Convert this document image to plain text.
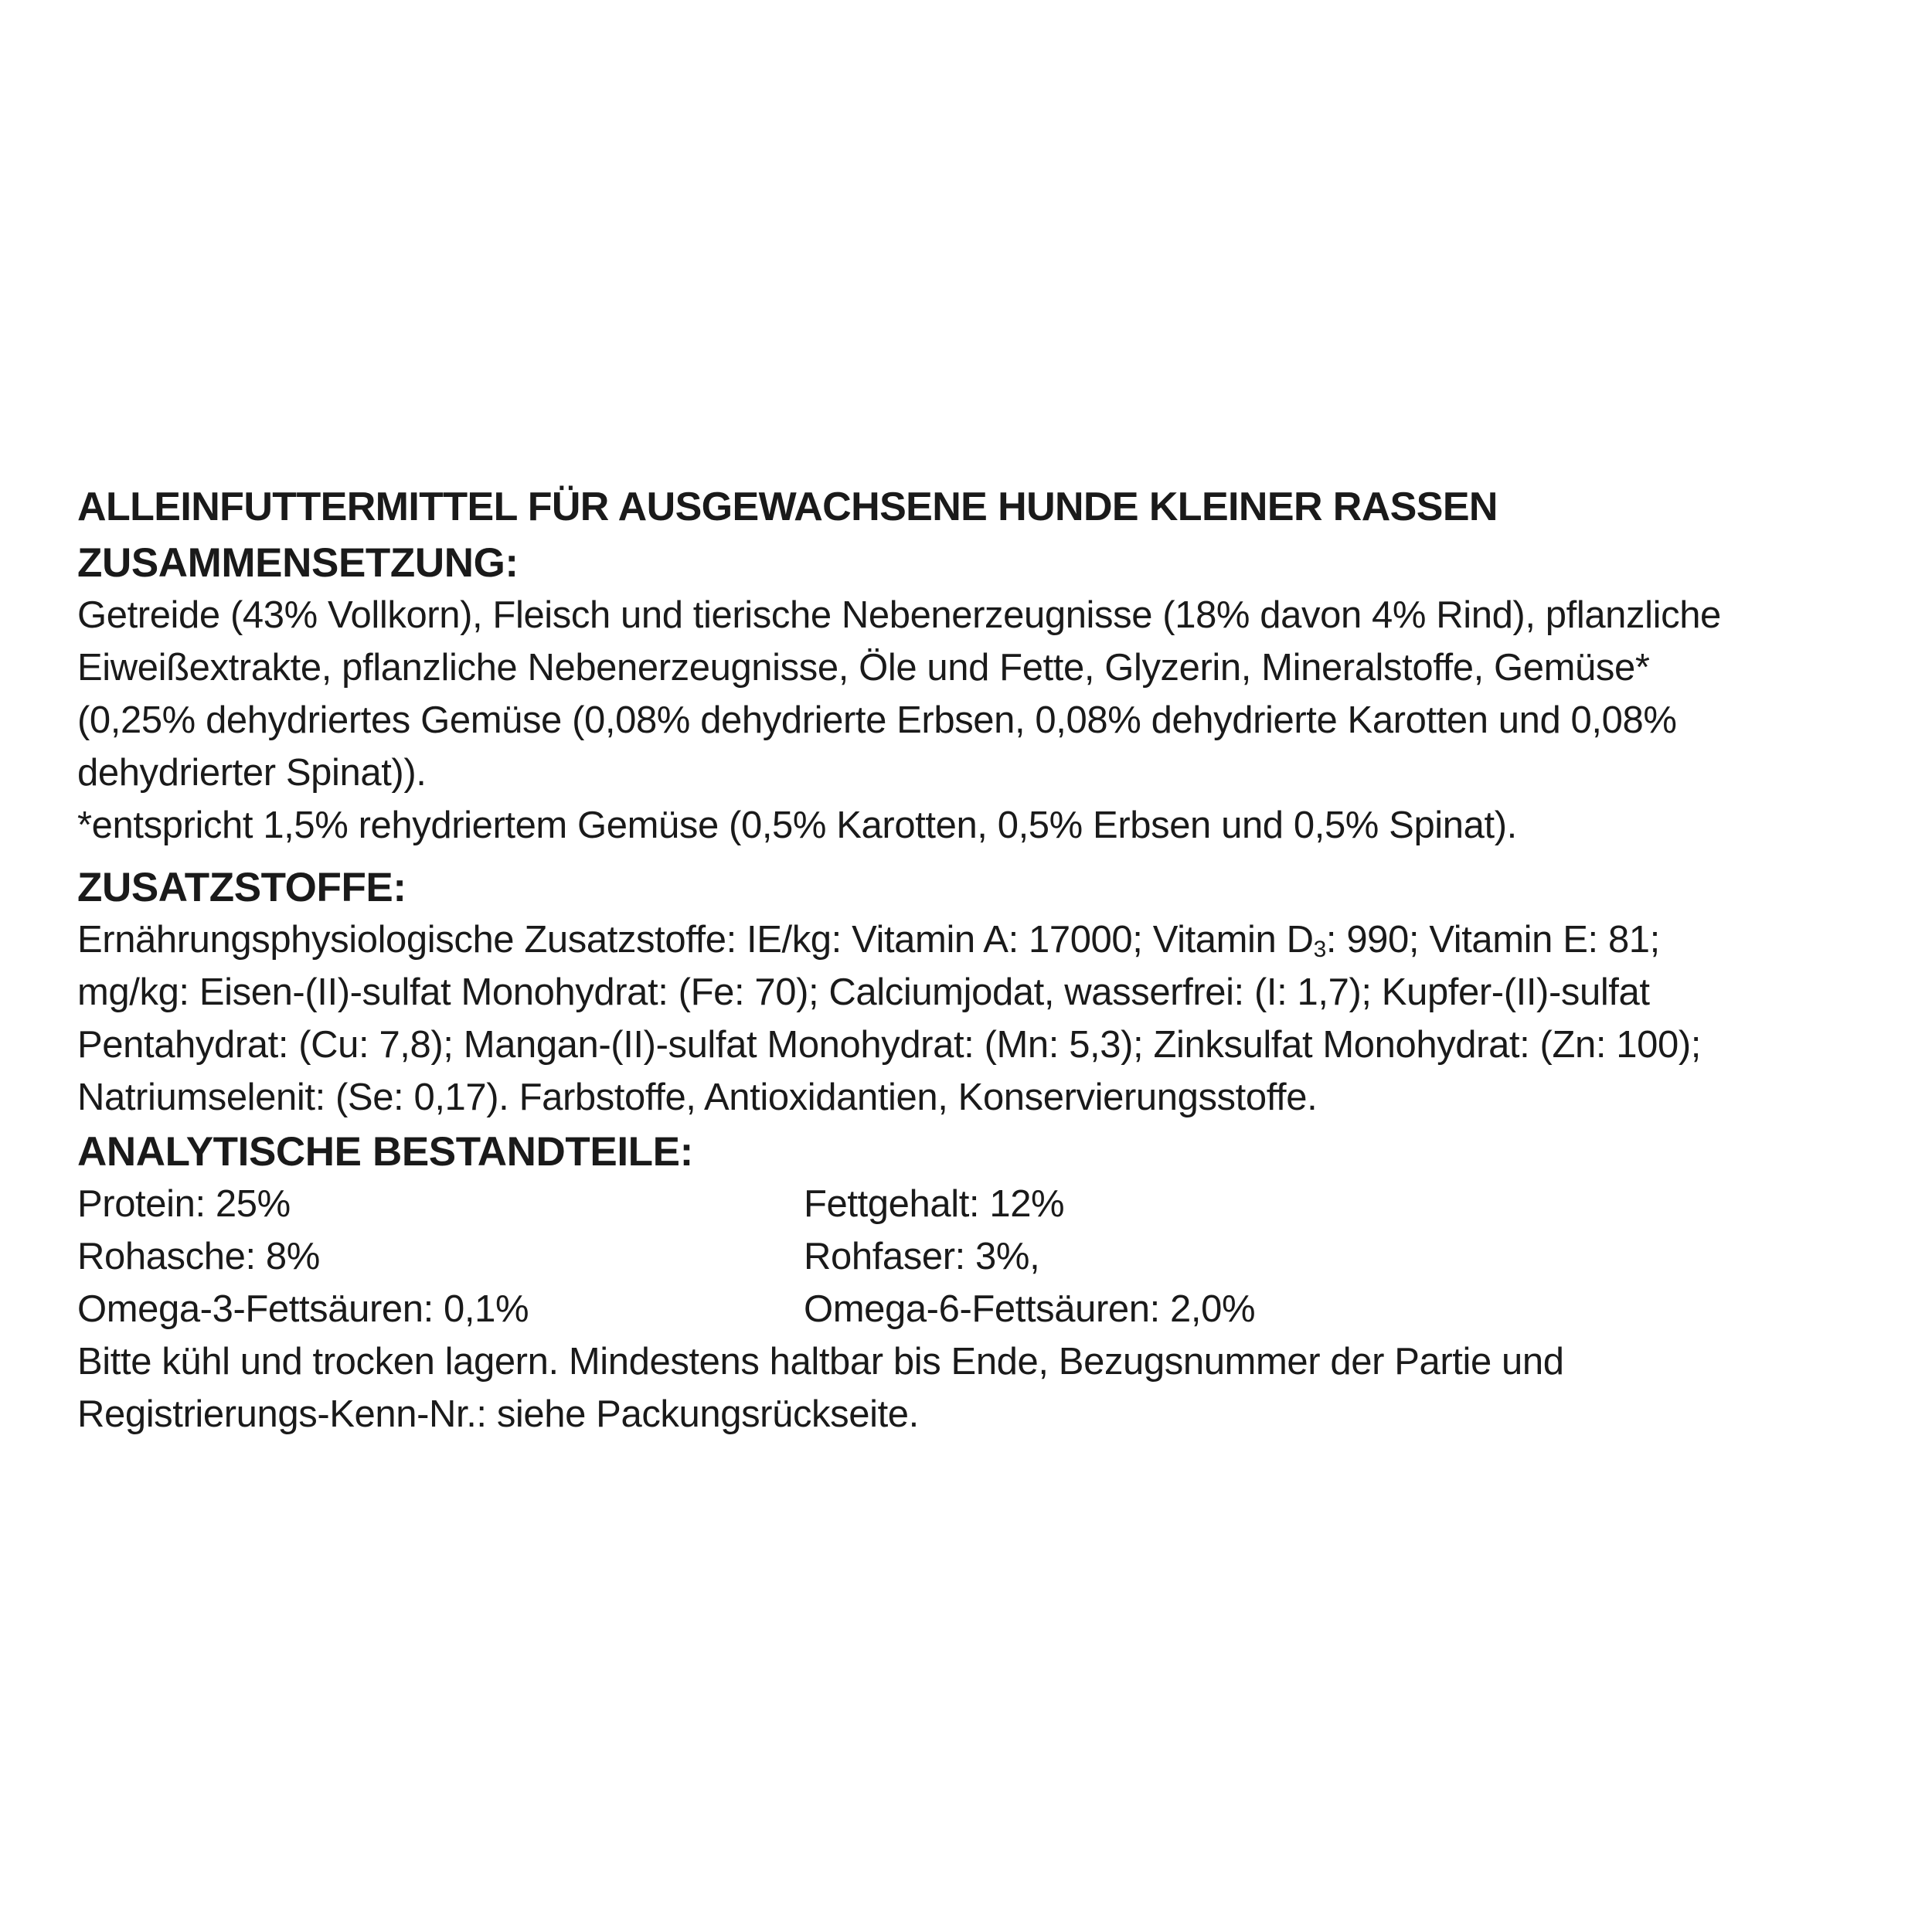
ALLEINFUTTERMITTEL FÜR AUSGEWACHSENE HUNDE KLEINER RASSEN
ZUSAMMENSETZUNG:
Getreide (43% Vollkorn), Fleisch und tierische Nebenerzeugnisse (18% davon 4% Rind), pflanzliche
Eiweißextrakte, pflanzliche Nebenerzeugnisse, Öle und Fette, Glyzerin, Mineralstoffe, Gemüse*
(0,25% dehydriertes Gemüse (0,08% dehydrierte Erbsen, 0,08% dehydrierte Karotten und 0,08%
dehydrierter Spinat)).
*entspricht 1,5% rehydriertem Gemüse (0,5% Karotten, 0,5% Erbsen und 0,5% Spinat).
ZUSATZSTOFFE:
Ernährungsphysiologische Zusatzstoffe: IE/kg: Vitamin A: 17000; Vitamin $D_3$: 990; Vitamin E: 81;
mg/kg: Eisen-(II)-sulfat Monohydrat: (Fe: 70); Calciumjodat, wasserfrei: (I: 1,7); Kupfer-(II)-sulfat
Pentahydrat: (Cu: 7,8); Mangan-(II)-sulfat Monohydrat: (Mn: 5,3); Zinksulfat Monohydrat: (Zn: 100);
Natriumselenit: (Se: 0,17). Farbstoffe, Antioxidantien, Konservierungsstoffe.
ANALYTISCHE BESTANDTEILE:
Protein: 25%	Fettgehalt: 12%
Rohasche: 8%	Rohfaser: 3%,
Omega-3-Fettsäuren: 0,1%	Omega-6-Fettsäuren: 2,0%
Bitte kühl und trocken lagern. Mindestens haltbar bis Ende, Bezugsnummer der Partie und
Registrierungs-Kenn-Nr.: siehe Packungsrückseite.
